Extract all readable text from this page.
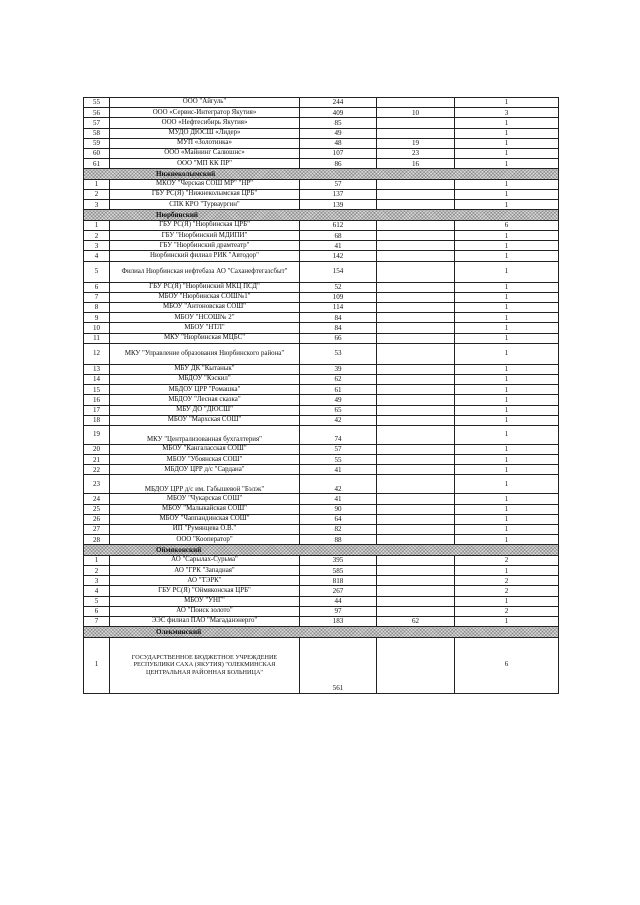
55	ООО "Айгуль"	244		1
56	ООО «Сервис-Интегратор Якутия»	409	10	3
57	ООО «Нефтесибирь Якутия»	85		1
58	МУДО ДЮСШ «Лидер»	49		1
59	МУП «Золотинка»	48	19	1
60	ООО «Майнинг Салюшнс»	107	23	1
61	ООО "МП КК ПР"	86	16	1
Нижнеколымский				
1	МКОУ "Черская СОШ МР" "НР"	57		1
2	ГБУ РС(Я) "Нижнеколымская ЦРБ"	137		1
3	СПК КРО "Турваургин"	139		1
Нюрбинский				
1	ГБУ РС(Я) "Нюрбинская ЦРБ"	612		6
2	ГБУ "Нюрбинский МДИПИ"	68		1
3	ГБУ "Нюрбинский драмтеатр"	41		1
4	Нюрбинский филиал РИК "Автодор"	142		1
5	Филиал Нюрбинская нефтебаза АО "Саханефтегазсбыт"	154		1
6	ГБУ РС(Я) "Нюрбинский МКЦ ПСД"	52		1
7	МБОУ "Нюрбинская СОШ№1"	109		1
8	МБОУ "Антоновская СОШ"	114		1
9	МБОУ "НСОШ№ 2"	84		1
10	МБОУ "НТЛ"	84		1
11	МКУ "Нюрбинская МЦБС"	66		1
12	МКУ "Управление образования Нюрбинского района"	53		1
13	МБУ ДК "Кытанык"	39		1
14	МБДОУ "Кэскил"	62		1
15	МБДОУ ЦРР "Ромашка"	61		1
16	МБДОУ "Лесная сказка"	49		1
17	МБУ ДО "ДЮСШ"	65		1
18	МБОУ "Мархская СОШ"	42		1
19	МКУ "Централизованная бухгалтерия"	74		1
20	МБОУ "Кангаласская СОШ"	57		1
21	МБОУ "Убоянская СОШ"	55		1
22	МБДОУ ЦРР д/с "Сардана"	41		1
23	МБДОУ ЦРР д/с им. Габышевой "Бэлэк"	42		1
24	МБОУ "Чукарская СОШ"	41		1
25	МБОУ "Малыкайская СОШ"	90		1
26	МБОУ "Чаппандинская СОШ"	64		1
27	ИП "Румянцева О.В."	82		1
28	ООО "Кооператор"	88		1
Оймяконский				
1	АО "Сарылах-Сурьма"	395		2
2	АО "ГРК "Западная"	585		1
3	АО "ТЭРК"	818		2
4	ГБУ РС(Я) "Оймяконская ЦРБ"	267		2
5	МБОУ "УНГ"	44		1
6	АО "Поиск золото"	97		2
7	ЭЭС филиал ПАО "Магаданэнерго"	183	62	1
Олекминский				
1	ГОСУДАРСТВЕННОЕ БЮДЖЕТНОЕ УЧРЕЖДЕНИЕ РЕСПУБЛИКИ САХА (ЯКУТИЯ) "ОЛЕКМИНСКАЯ ЦЕНТРАЛЬНАЯ РАЙОННАЯ БОЛЬНИЦА"	561		6
